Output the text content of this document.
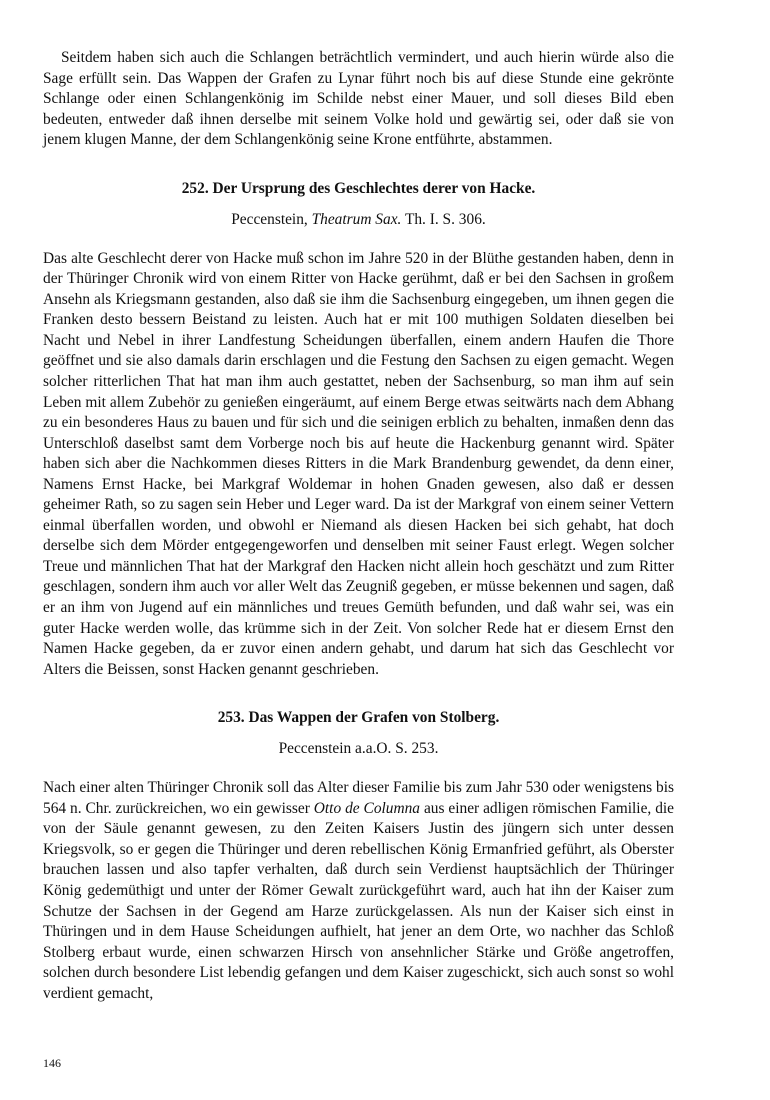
Seitdem haben sich auch die Schlangen beträchtlich vermindert, und auch hierin würde also die Sage erfüllt sein. Das Wappen der Grafen zu Lynar führt noch bis auf diese Stunde eine gekrönte Schlange oder einen Schlangenkönig im Schilde nebst einer Mauer, und soll dieses Bild eben bedeuten, entweder daß ihnen derselbe mit seinem Volke hold und gewärtig sei, oder daß sie von jenem klugen Manne, der dem Schlangenkönig seine Krone entführte, abstammen.

252. Der Ursprung des Geschlechtes derer von Hacke.
Peccenstein, Theatrum Sax. Th. I. S. 306.

Das alte Geschlecht derer von Hacke muß schon im Jahre 520 in der Blüthe gestanden haben, denn in der Thüringer Chronik wird von einem Ritter von Hacke gerühmt, daß er bei den Sachsen in großem Ansehn als Kriegsmann gestanden, also daß sie ihm die Sachsenburg eingegeben, um ihnen gegen die Franken desto bessern Beistand zu leisten. Auch hat er mit 100 muthigen Soldaten dieselben bei Nacht und Nebel in ihrer Landfestung Scheidungen überfallen, einem andern Haufen die Thore geöffnet und sie also damals darin erschlagen und die Festung den Sachsen zu eigen gemacht. Wegen solcher ritterlichen That hat man ihm auch gestattet, neben der Sachsenburg, so man ihm auf sein Leben mit allem Zubehör zu genießen eingeräumt, auf einem Berge etwas seitwärts nach dem Abhang zu ein besonderes Haus zu bauen und für sich und die seinigen erblich zu behalten, inmaßen denn das Unterschloß daselbst samt dem Vorberge noch bis auf heute die Hackenburg genannt wird. Später haben sich aber die Nachkommen dieses Ritters in die Mark Brandenburg gewendet, da denn einer, Namens Ernst Hacke, bei Markgraf Woldemar in hohen Gnaden gewesen, also daß er dessen geheimer Rath, so zu sagen sein Heber und Leger ward. Da ist der Markgraf von einem seiner Vettern einmal überfallen worden, und obwohl er Niemand als diesen Hacken bei sich gehabt, hat doch derselbe sich dem Mörder entgegengeworfen und denselben mit seiner Faust erlegt. Wegen solcher Treue und männlichen That hat der Markgraf den Hacken nicht allein hoch geschätzt und zum Ritter geschlagen, sondern ihm auch vor aller Welt das Zeugniß gegeben, er müsse bekennen und sagen, daß er an ihm von Jugend auf ein männliches und treues Gemüth befunden, und daß wahr sei, was ein guter Hacke werden wolle, das krümme sich in der Zeit. Von solcher Rede hat er diesem Ernst den Namen Hacke gegeben, da er zuvor einen andern gehabt, und darum hat sich das Geschlecht vor Alters die Beissen, sonst Hacken genannt geschrieben.

253. Das Wappen der Grafen von Stolberg.
Peccenstein a.a.O. S. 253.

Nach einer alten Thüringer Chronik soll das Alter dieser Familie bis zum Jahr 530 oder wenigstens bis 564 n. Chr. zurückreichen, wo ein gewisser Otto de Columna aus einer adligen römischen Familie, die von der Säule genannt gewesen, zu den Zeiten Kaisers Justin des jüngern sich unter dessen Kriegsvolk, so er gegen die Thüringer und deren rebellischen König Ermanfried geführt, als Oberster brauchen lassen und also tapfer verhalten, daß durch sein Verdienst hauptsächlich der Thüringer König gedemüthigt und unter der Römer Gewalt zurückgeführt ward, auch hat ihn der Kaiser zum Schutze der Sachsen in der Gegend am Harze zurückgelassen. Als nun der Kaiser sich einst in Thüringen und in dem Hause Scheidungen aufhielt, hat jener an dem Orte, wo nachher das Schloß Stolberg erbaut wurde, einen schwarzen Hirsch von ansehnlicher Stärke und Größe angetroffen, solchen durch besondere List lebendig gefangen und dem Kaiser zugeschickt, sich auch sonst so wohl verdient gemacht,

146
